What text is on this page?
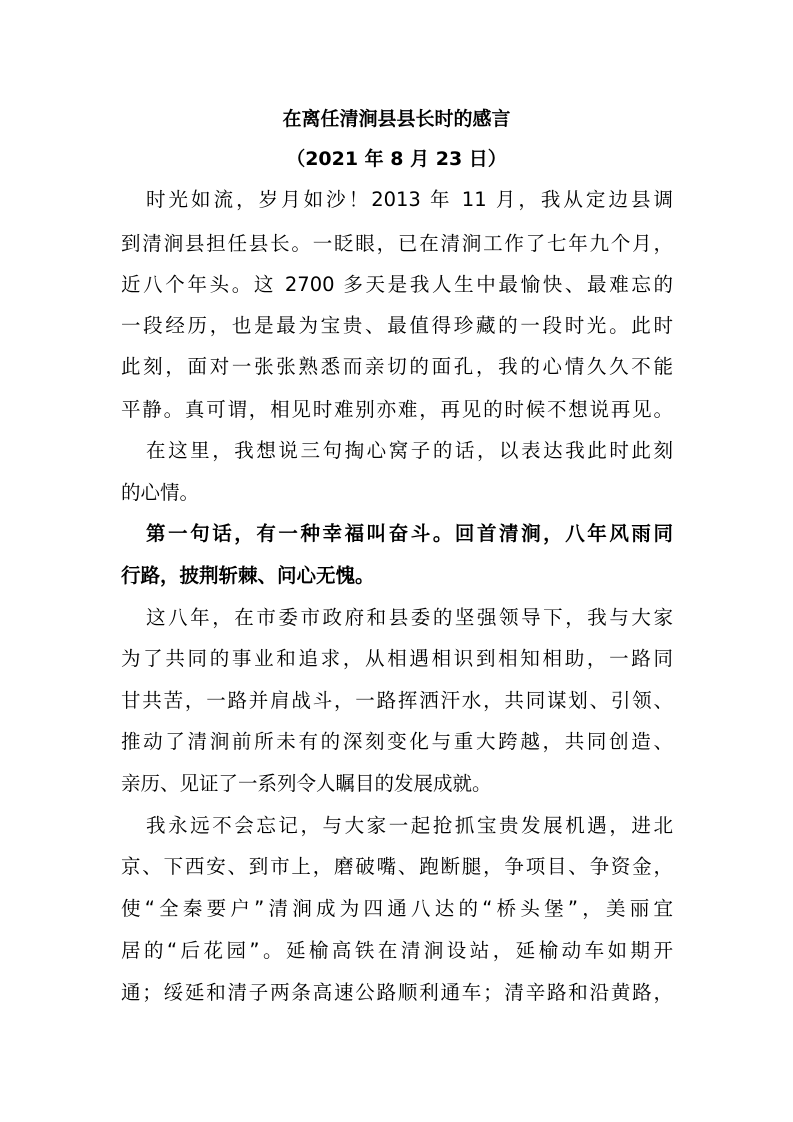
在离任清涧县县长时的感言
（2021 年 8 月 23 日）
时光如流，岁月如沙！2013 年 11 月，我从定边县调
到清涧县担任县长。一眨眼，已在清涧工作了七年九个月，
近八个年头。这 2700 多天是我人生中最愉快、最难忘的
一段经历，也是最为宝贵、最值得珍藏的一段时光。此时
此刻，面对一张张熟悉而亲切的面孔，我的心情久久不能
平静。真可谓，相见时难别亦难，再见的时候不想说再见。
在这里，我想说三句掏心窝子的话，以表达我此时此刻
的心情。
第一句话，有一种幸福叫奋斗。回首清涧，八年风雨同
行路，披荆斩棘、问心无愧。
这八年，在市委市政府和县委的坚强领导下，我与大家
为了共同的事业和追求，从相遇相识到相知相助，一路同
甘共苦，一路并肩战斗，一路挥洒汗水，共同谋划、引领、
推动了清涧前所未有的深刻变化与重大跨越，共同创造、
亲历、见证了一系列令人瞩目的发展成就。
我永远不会忘记，与大家一起抢抓宝贵发展机遇，进北
京、下西安、到市上，磨破嘴、跑断腿，争项目、争资金，
使“全秦要户”清涧成为四通八达的“桥头堡”，美丽宜
居的“后花园”。延榆高铁在清涧设站，延榆动车如期开
通；绥延和清子两条高速公路顺利通车；清辛路和沿黄路，
